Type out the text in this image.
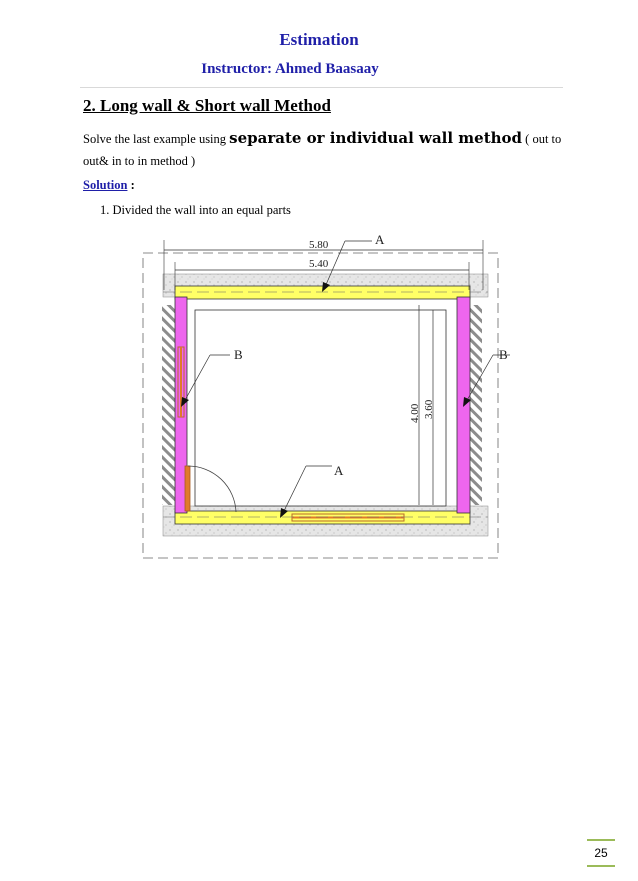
Estimation
Instructor: Ahmed Baasaay
2. Long wall & Short wall Method
Solve the last example using separate or individual wall method ( out to out& in to in method )
Solution :
1. Divided the wall into an equal parts
5.80
5.40
4.00 3.60
A
A
B	B
25
